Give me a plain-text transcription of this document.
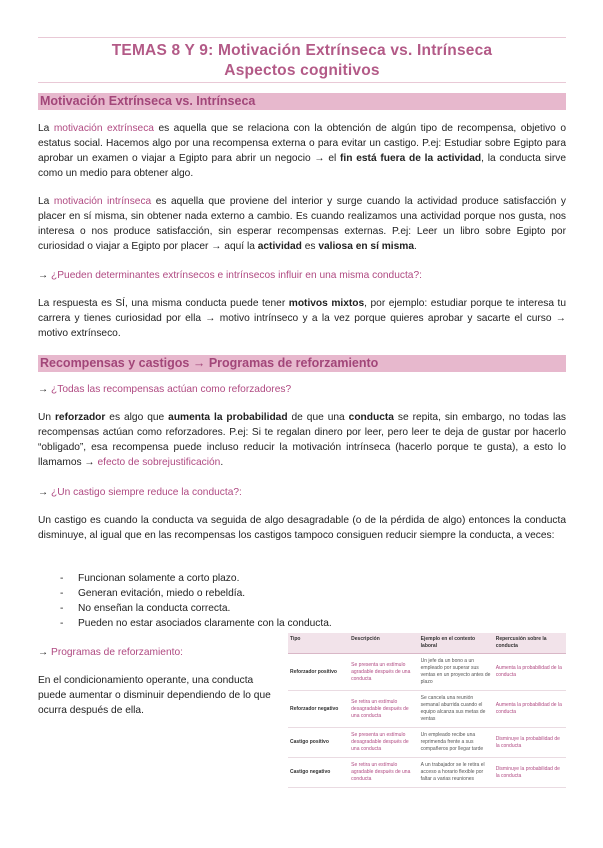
TEMAS 8 Y 9: Motivación Extrínseca vs. Intrínseca
Aspectos cognitivos
Motivación Extrínseca vs. Intrínseca

La motivación extrínseca es aquella que se relaciona con la obtención de algún tipo de recompensa, objetivo o estatus social. Hacemos algo por una recompensa externa o para evitar un castigo. P.ej: Estudiar sobre Egipto para aprobar un examen o viajar a Egipto para abrir un negocio → el fin está fuera de la actividad, la conducta sirve como un medio para obtener algo.

La motivación intrínseca es aquella que proviene del interior y surge cuando la actividad produce satisfacción y placer en sí misma, sin obtener nada externo a cambio. Es cuando realizamos una actividad porque nos gusta, nos interesa o nos produce satisfacción, sin esperar recompensas externas. P.ej: Leer un libro sobre Egipto por curiosidad o viajar a Egipto por placer → aquí la actividad es valiosa en sí misma.

→ ¿Pueden determinantes extrínsecos e intrínsecos influir en una misma conducta?:

La respuesta es SÍ, una misma conducta puede tener motivos mixtos, por ejemplo: estudiar porque te interesa tu carrera y tienes curiosidad por ella → motivo intrínseco y a la vez porque quieres aprobar y sacarte el curso → motivo extrínseco.

Recompensas y castigos → Programas de reforzamiento

→ ¿Todas las recompensas actúan como reforzadores?

Un reforzador es algo que aumenta la probabilidad de que una conducta se repita, sin embargo, no todas las recompensas actúan como reforzadores. P.ej: Si te regalan dinero por leer, pero leer te deja de gustar por hacerlo “obligado”, esa recompensa puede incluso reducir la motivación intrínseca (hacerlo porque te gusta), a esto lo llamamos → efecto de sobrejustificación.

→ ¿Un castigo siempre reduce la conducta?:

Un castigo es cuando la conducta va seguida de algo desagradable (o de la pérdida de algo) entonces la conducta disminuye, al igual que en las recompensas los castigos tampoco consiguen reducir siempre la conducta, a veces:

- Funcionan solamente a corto plazo.
- Generan evitación, miedo o rebeldía.
- No enseñan la conducta correcta.
- Pueden no estar asociados claramente con la conducta.

→ Programas de reforzamiento:

En el condicionamiento operante, una conducta puede aumentar o disminuir dependiendo de lo que ocurra después de ella.

Tipo	Descripción	Ejemplo en el contexto laboral	Repercusión sobre la conducta
Reforzador positivo	Se presenta un estímulo agradable después de una conducta	Un jefe da un bono a un empleado por superar sus ventas en un proyecto antes de plazo	Aumenta la probabilidad de la conducta
Reforzador negativo	Se retira un estímulo desagradable después de una conducta	Se cancela una reunión semanal aburrida cuando el equipo alcanza sus metas de ventas	Aumenta la probabilidad de la conducta
Castigo positivo	Se presenta un estímulo desagradable después de una conducta	Un empleado recibe una reprimenda frente a sus compañeros por llegar tarde	Disminuye la probabilidad de la conducta
Castigo negativo	Se retira un estímulo agradable después de una conducta	A un trabajador se le retira el acceso a horario flexible por faltar a varias reuniones	Disminuye la probabilidad de la conducta
